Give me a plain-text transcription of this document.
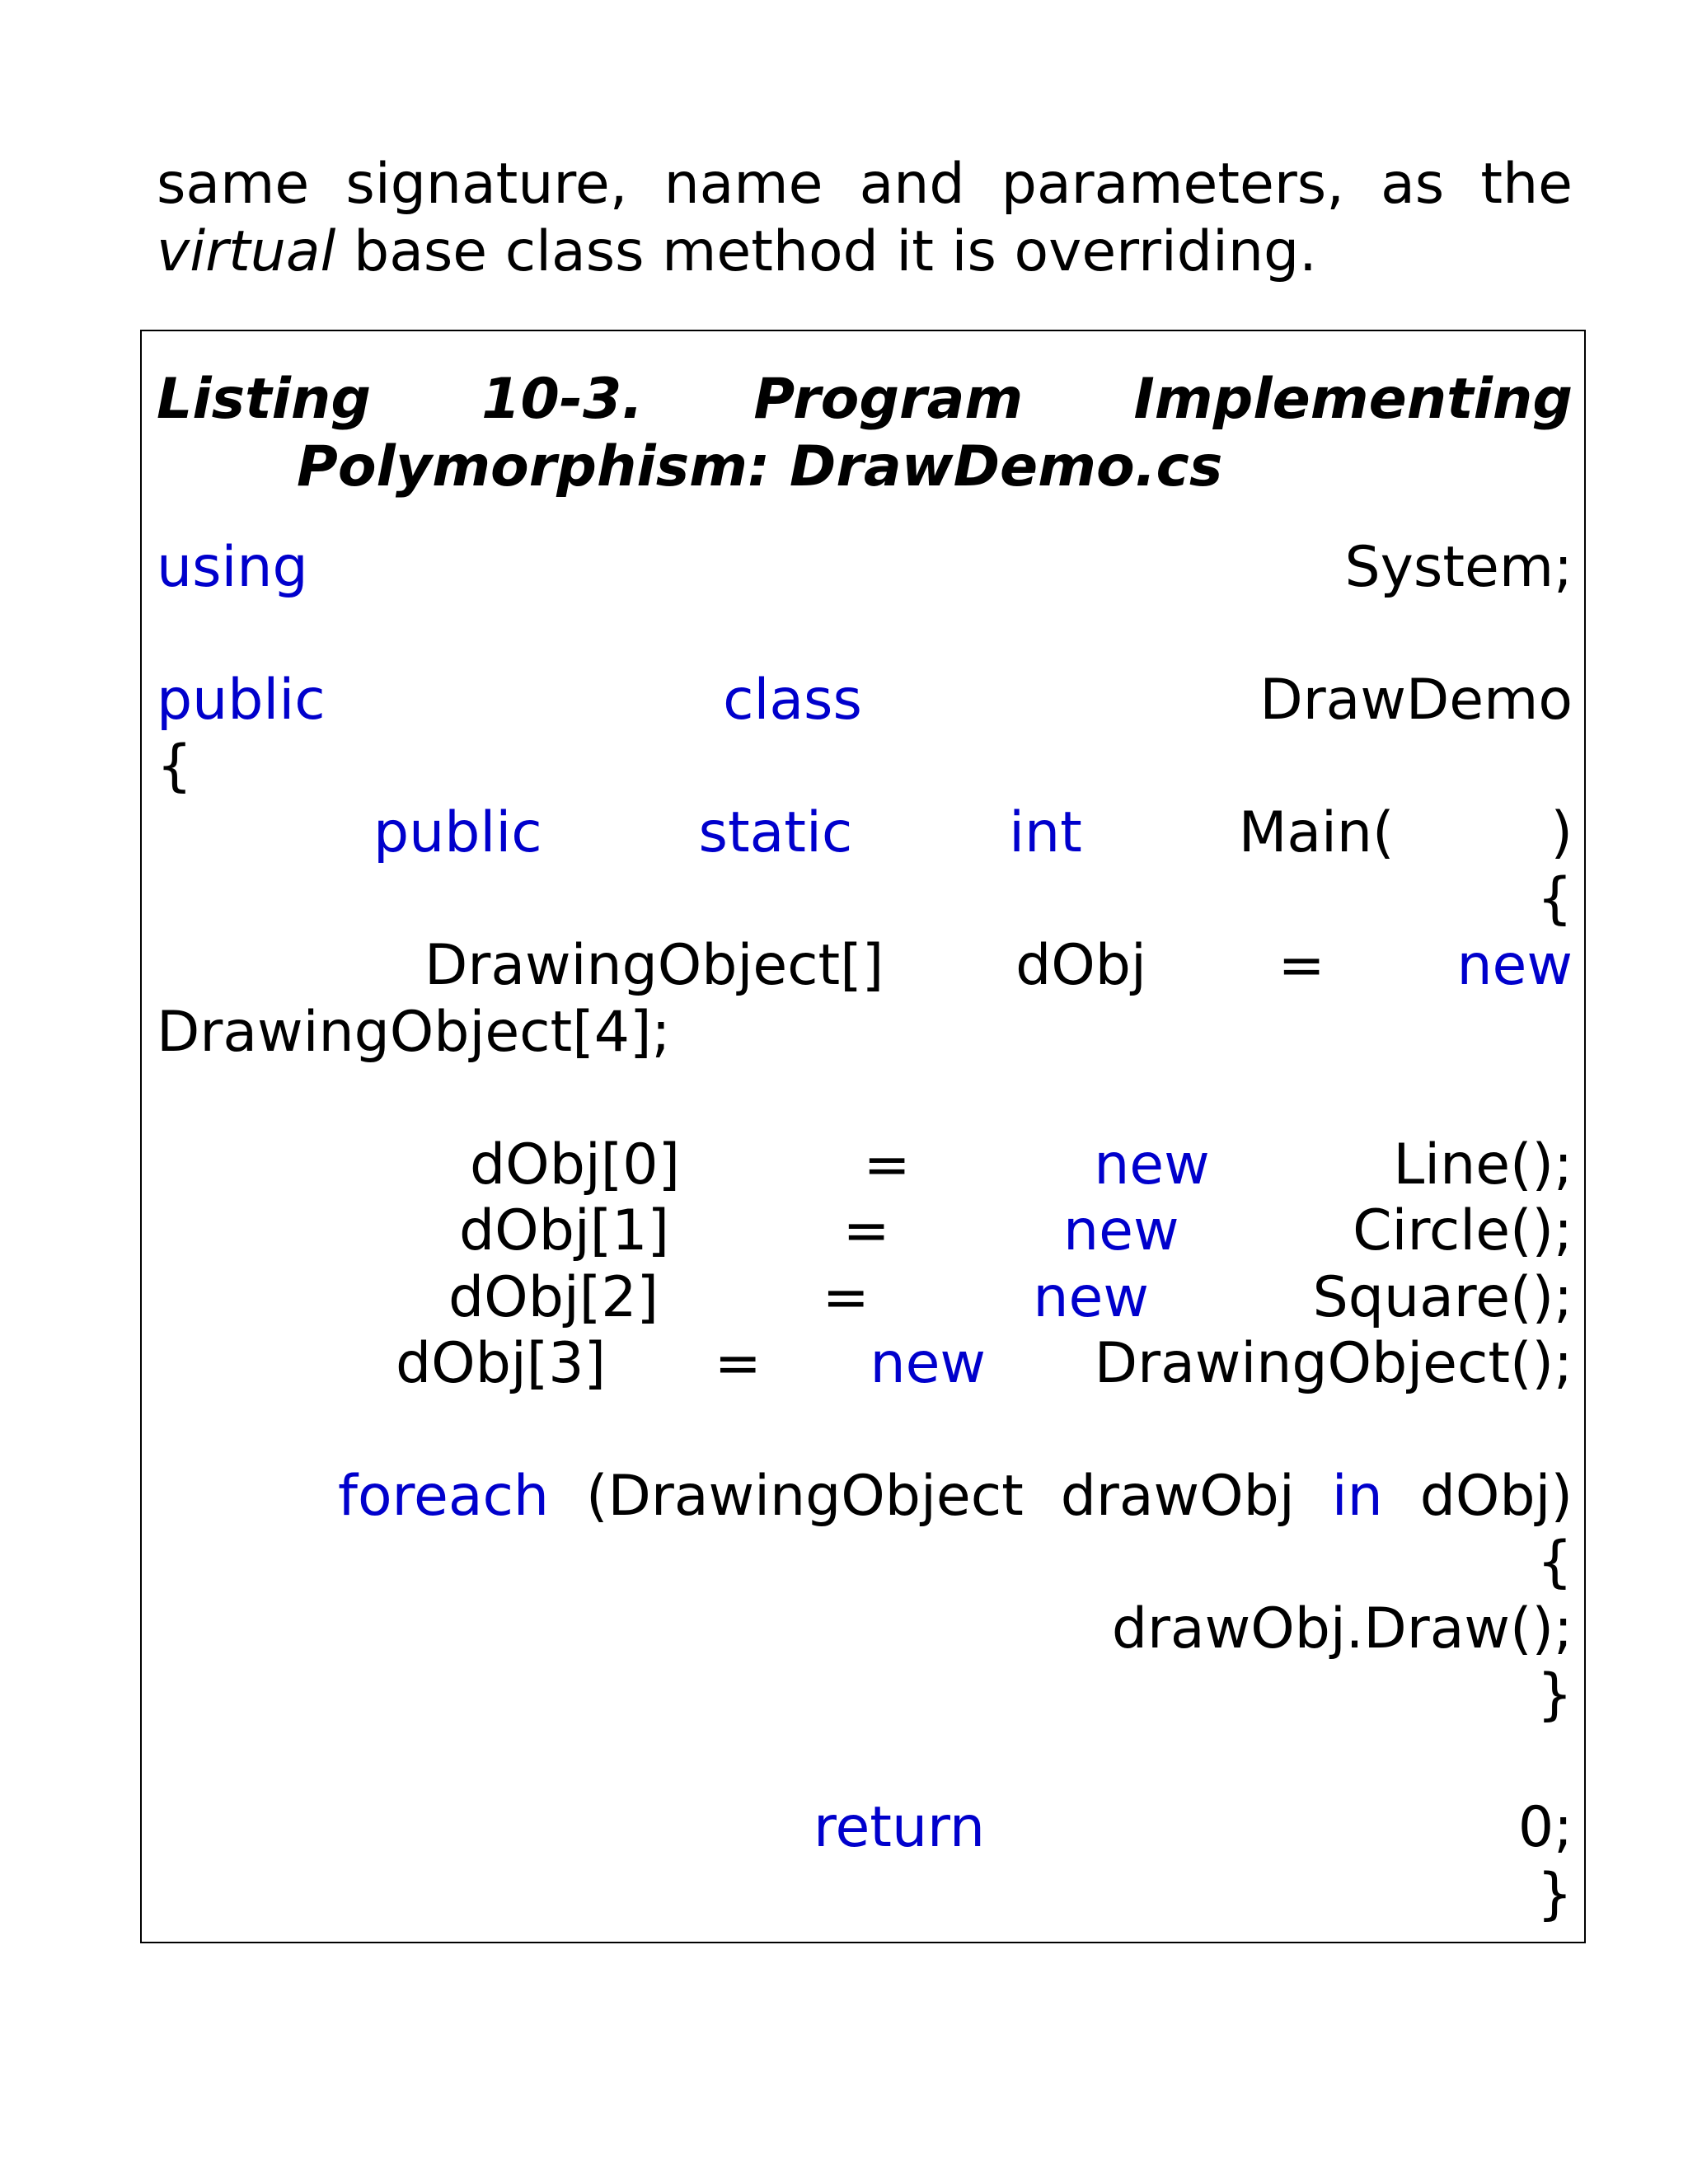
same signature, name and parameters, as the
virtual base class method it is overriding.
Listing 10-3. Program Implementing
Polymorphism: DrawDemo.cs
using	System;
public	class	DrawDemo
{
public	static	int	Main(	)
{
DrawingObject[] dObj = new
DrawingObject[4];
dObj[0]	=	new	Line();
dObj[1]	=	new	Circle();
dObj[2]	=	new	Square();
dObj[3] = new DrawingObject();
foreach (DrawingObject drawObj in dObj)
{
drawObj.Draw();
}
return	0;
}
